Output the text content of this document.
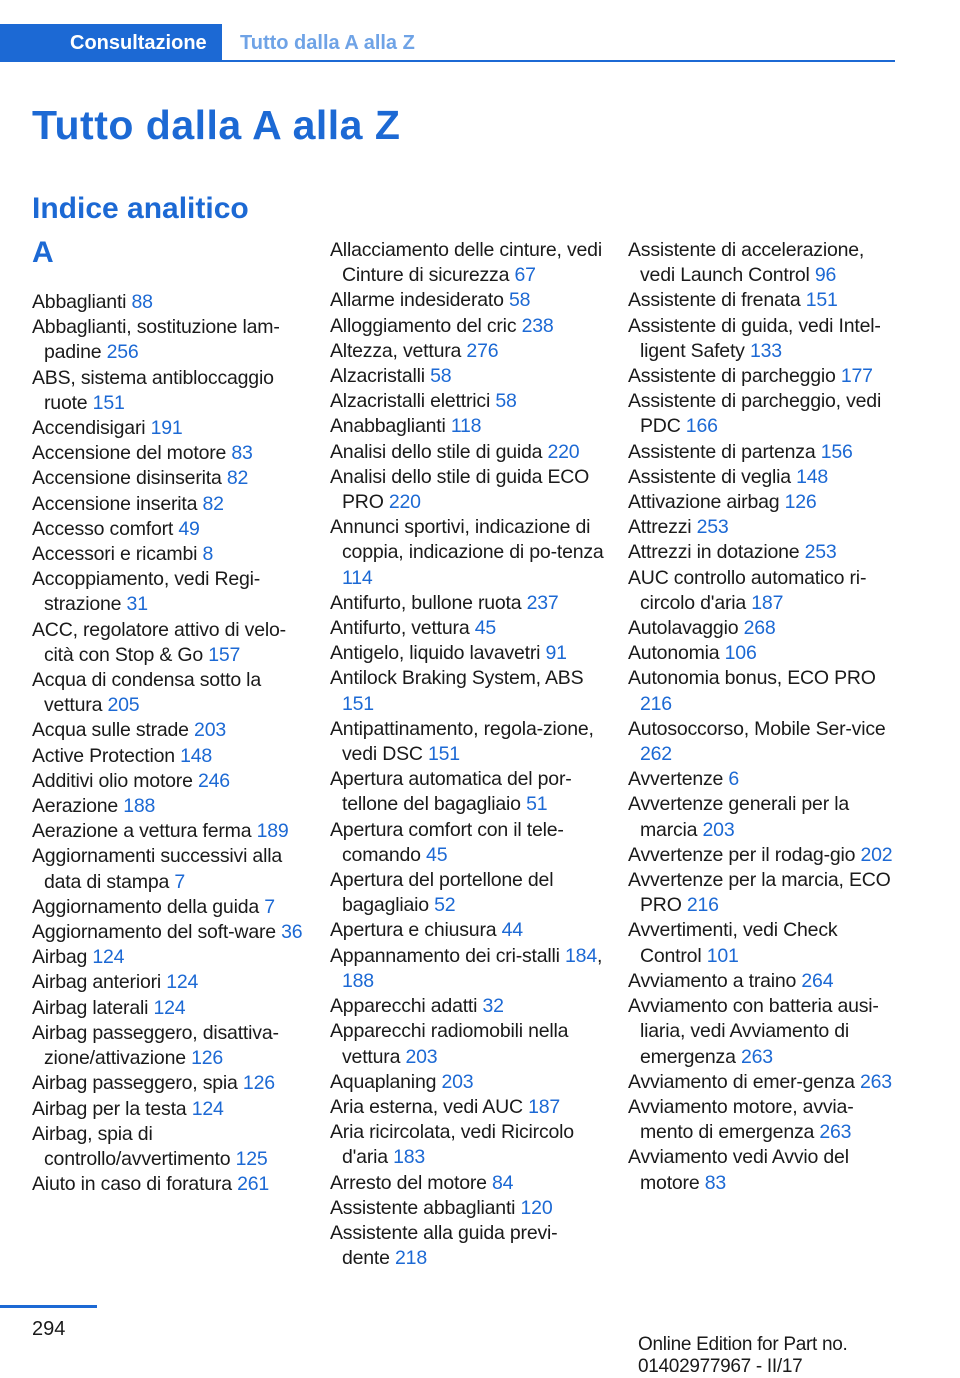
Consultazione	Tutto dalla A alla Z
Tutto dalla A alla Z
Indice analitico
A
Abbaglianti 88
Abbaglianti, sostituzione lam-padine 256
ABS, sistema antibloccaggio ruote 151
Accendisigari 191
Accensione del motore 83
Accensione disinserita 82
Accensione inserita 82
Accesso comfort 49
Accessori e ricambi 8
Accoppiamento, vedi Regi-strazione 31
ACC, regolatore attivo di velo-cità con Stop & Go 157
Acqua di condensa sotto la vettura 205
Acqua sulle strade 203
Active Protection 148
Additivi olio motore 246
Aerazione 188
Aerazione a vettura ferma 189
Aggiornamenti successivi alla data di stampa 7
Aggiornamento della guida 7
Aggiornamento del soft-ware 36
Airbag 124
Airbag anteriori 124
Airbag laterali 124
Airbag passeggero, disattiva-zione/attivazione 126
Airbag passeggero, spia 126
Airbag per la testa 124
Airbag, spia di controllo/avvertimento 125
Aiuto in caso di foratura 261
Allacciamento delle cinture, vedi Cinture di sicurezza 67
Allarme indesiderato 58
Alloggiamento del cric 238
Altezza, vettura 276
Alzacristalli 58
Alzacristalli elettrici 58
Anabbaglianti 118
Analisi dello stile di guida 220
Analisi dello stile di guida ECO PRO 220
Annunci sportivi, indicazione di coppia, indicazione di po-tenza 114
Antifurto, bullone ruota 237
Antifurto, vettura 45
Antigelo, liquido lavavetri 91
Antilock Braking System, ABS 151
Antipattinamento, regola-zione, vedi DSC 151
Apertura automatica del por-tellone del bagagliaio 51
Apertura comfort con il tele-comando 45
Apertura del portellone del bagagliaio 52
Apertura e chiusura 44
Appannamento dei cri-stalli 184, 188
Apparecchi adatti 32
Apparecchi radiomobili nella vettura 203
Aquaplaning 203
Aria esterna, vedi AUC 187
Aria ricircolata, vedi Ricircolo d'aria 183
Arresto del motore 84
Assistente abbaglianti 120
Assistente alla guida previ-dente 218
Assistente di accelerazione, vedi Launch Control 96
Assistente di frenata 151
Assistente di guida, vedi Intel-ligent Safety 133
Assistente di parcheggio 177
Assistente di parcheggio, vedi PDC 166
Assistente di partenza 156
Assistente di veglia 148
Attivazione airbag 126
Attrezzi 253
Attrezzi in dotazione 253
AUC controllo automatico ri-circolo d'aria 187
Autolavaggio 268
Autonomia 106
Autonomia bonus, ECO PRO 216
Autosoccorso, Mobile Ser-vice 262
Avvertenze 6
Avvertenze generali per la marcia 203
Avvertenze per il rodag-gio 202
Avvertenze per la marcia, ECO PRO 216
Avvertimenti, vedi Check Control 101
Avviamento a traino 264
Avviamento con batteria ausi-liaria, vedi Avviamento di emergenza 263
Avviamento di emer-genza 263
Avviamento motore, avvia-mento di emergenza 263
Avviamento vedi Avvio del motore 83
294
Online Edition for Part no. 01402977967 - II/17
